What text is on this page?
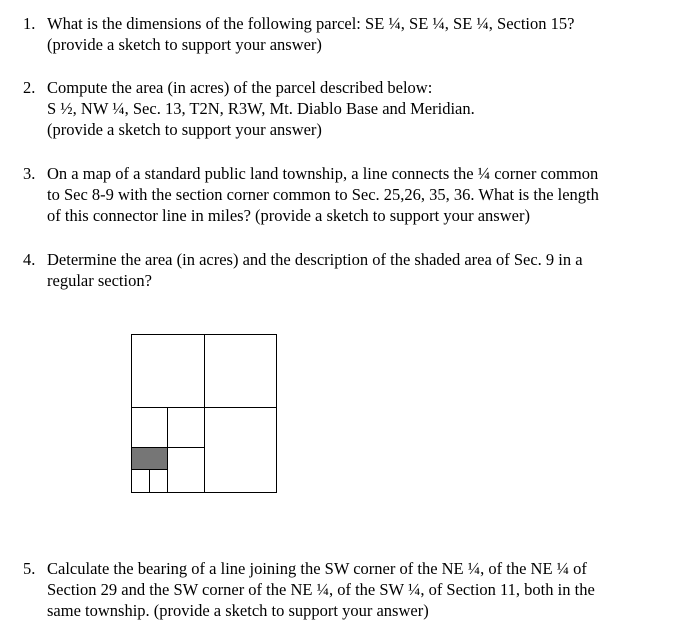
1. What is the dimensions of the following parcel: SE ¼, SE ¼, SE ¼, Section 15?
(provide a sketch to support your answer)
2. Compute the area (in acres) of the parcel described below:
S ½, NW ¼, Sec. 13, T2N, R3W, Mt. Diablo Base and Meridian.
(provide a sketch to support your answer)
3. On a map of a standard public land township, a line connects the ¼ corner common
to Sec 8-9 with the section corner common to Sec. 25,26, 35, 36. What is the length
of this connector line in miles? (provide a sketch to support your answer)
4. Determine the area (in acres) and the description of the shaded area of Sec. 9 in a
regular section?
5. Calculate the bearing of a line joining the SW corner of the NE ¼, of the NE ¼ of
Section 29 and the SW corner of the NE ¼, of the SW ¼, of Section 11, both in the
same township. (provide a sketch to support your answer)
